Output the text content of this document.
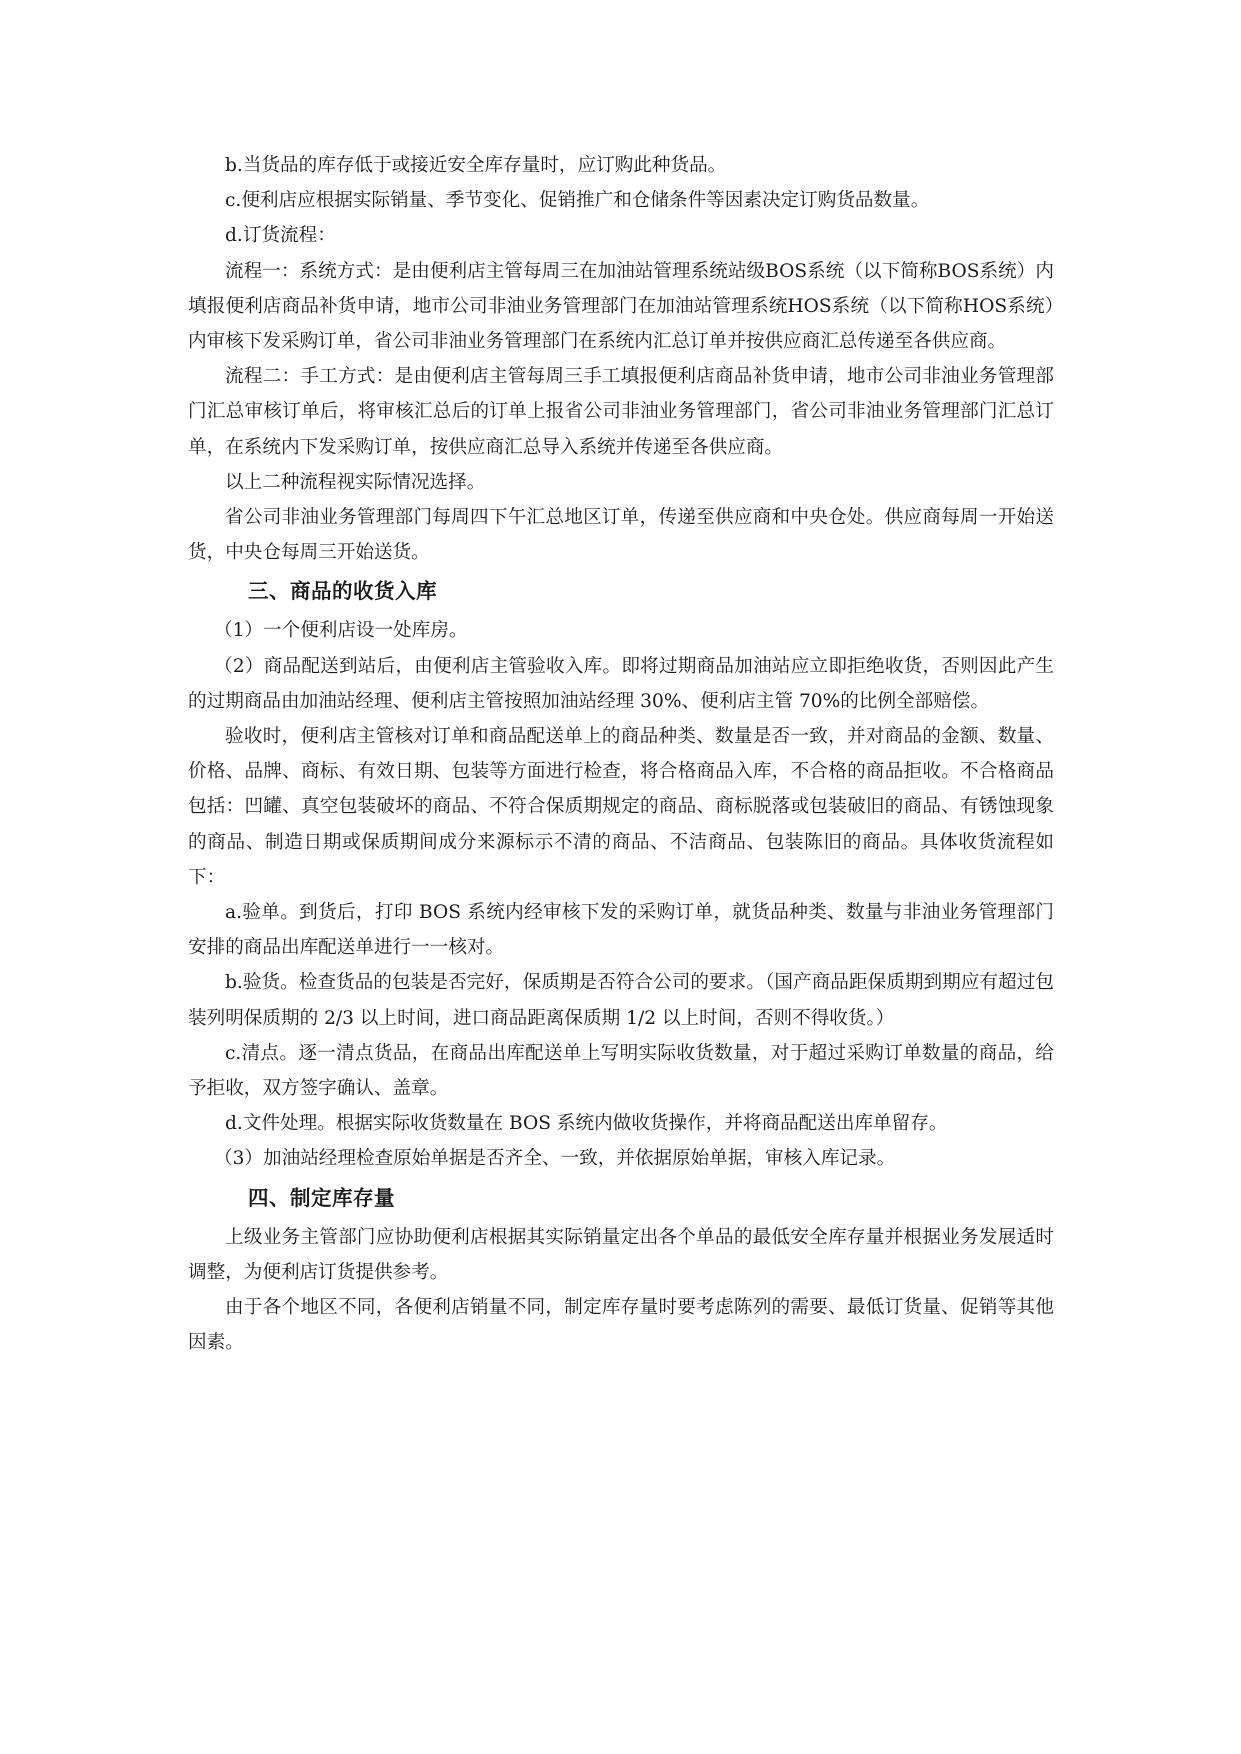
b.当货品的库存低于或接近安全库存量时，应订购此种货品。

c.便利店应根据实际销量、季节变化、促销推广和仓储条件等因素决定订购货品数量。

d.订货流程：

流程一：系统方式：是由便利店主管每周三在加油站管理系统站级BOS系统（以下简称BOS系统）内填报便利店商品补货申请，地市公司非油业务管理部门在加油站管理系统HOS系统（以下简称HOS系统）内审核下发采购订单，省公司非油业务管理部门在系统内汇总订单并按供应商汇总传递至各供应商。

流程二：手工方式：是由便利店主管每周三手工填报便利店商品补货申请，地市公司非油业务管理部门汇总审核订单后，将审核汇总后的订单上报省公司非油业务管理部门，省公司非油业务管理部门汇总订单，在系统内下发采购订单，按供应商汇总导入系统并传递至各供应商。

以上二种流程视实际情况选择。

省公司非油业务管理部门每周四下午汇总地区订单，传递至供应商和中央仓处。供应商每周一开始送货，中央仓每周三开始送货。

三、商品的收货入库

（1）一个便利店设一处库房。

（2）商品配送到站后，由便利店主管验收入库。即将过期商品加油站应立即拒绝收货，否则因此产生的过期商品由加油站经理、便利店主管按照加油站经理 30%、便利店主管 70%的比例全部赔偿。

验收时，便利店主管核对订单和商品配送单上的商品种类、数量是否一致，并对商品的金额、数量、价格、品牌、商标、有效日期、包装等方面进行检查，将合格商品入库，不合格的商品拒收。不合格商品包括：凹罐、真空包装破坏的商品、不符合保质期规定的商品、商标脱落或包装破旧的商品、有锈蚀现象的商品、制造日期或保质期间成分来源标示不清的商品、不洁商品、包装陈旧的商品。具体收货流程如下：

a.验单。到货后，打印 BOS 系统内经审核下发的采购订单，就货品种类、数量与非油业务管理部门安排的商品出库配送单进行一一核对。

b.验货。检查货品的包装是否完好，保质期是否符合公司的要求。（国产商品距保质期到期应有超过包装列明保质期的 2/3 以上时间，进口商品距离保质期 1/2 以上时间，否则不得收货。）

c.清点。逐一清点货品，在商品出库配送单上写明实际收货数量，对于超过采购订单数量的商品，给予拒收，双方签字确认、盖章。

d.文件处理。根据实际收货数量在 BOS 系统内做收货操作，并将商品配送出库单留存。

（3）加油站经理检查原始单据是否齐全、一致，并依据原始单据，审核入库记录。

四、制定库存量

上级业务主管部门应协助便利店根据其实际销量定出各个单品的最低安全库存量并根据业务发展适时调整，为便利店订货提供参考。

由于各个地区不同，各便利店销量不同，制定库存量时要考虑陈列的需要、最低订货量、促销等其他因素。
